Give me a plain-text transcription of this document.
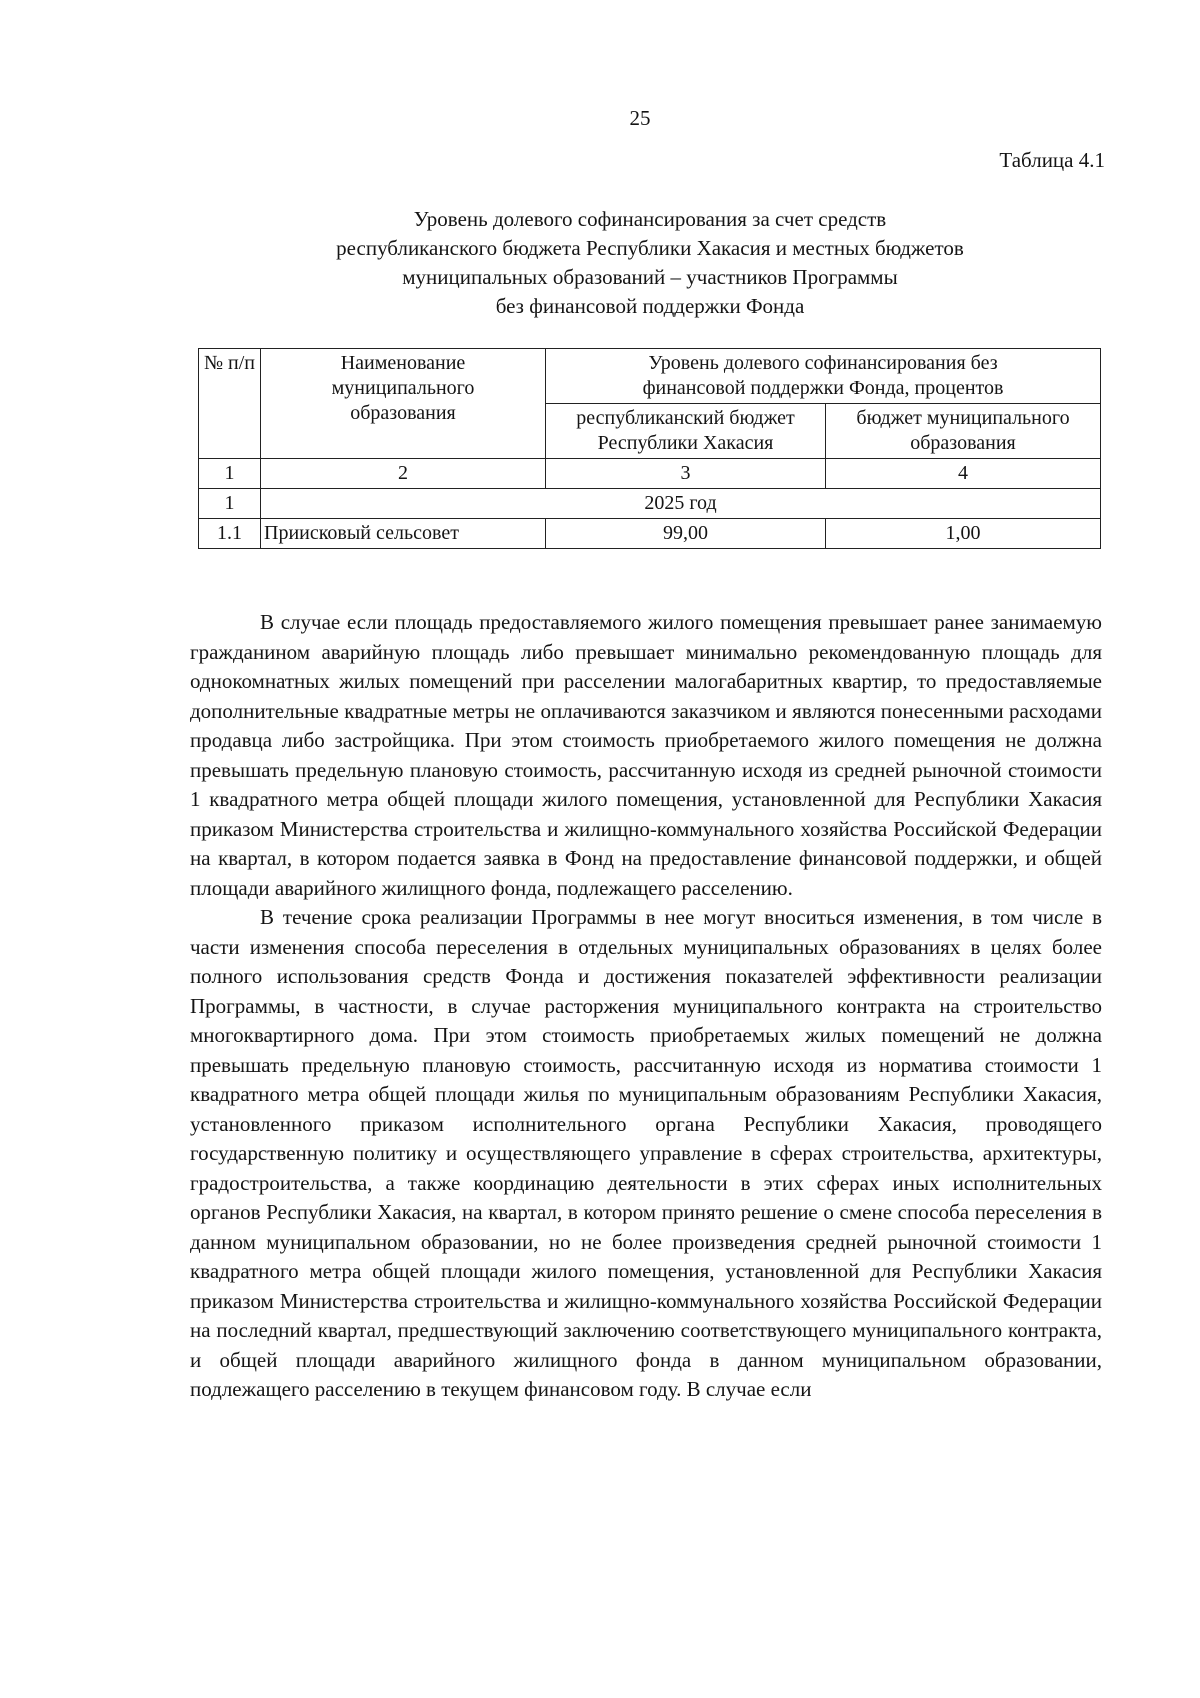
25
Таблица 4.1
Уровень долевого софинансирования за счет средств
республиканского бюджета Республики Хакасия и местных бюджетов
муниципальных образований – участников Программы
без финансовой поддержки Фонда
№ п/п	Наименование муниципального образования	Уровень долевого софинансирования без финансовой поддержки Фонда, процентов	
		республиканский бюджет Республики Хакасия	бюджет муниципального образования
1	2	3	4
1	2025 год		
1.1	Приисковый сельсовет	99,00	1,00

В случае если площадь предоставляемого жилого помещения превышает ранее занимаемую гражданином аварийную площадь либо превышает минимально рекомендованную площадь для однокомнатных жилых помещений при расселении малогабаритных квартир, то предоставляемые дополнительные квадратные метры не оплачиваются заказчиком и являются понесенными расходами продавца либо застройщика. При этом стоимость приобретаемого жилого помещения не должна превышать предельную плановую стоимость, рассчитанную исходя из средней рыночной стоимости 1 квадратного метра общей площади жилого помещения, установленной для Республики Хакасия приказом Министерства строительства и жилищно-коммунального хозяйства Российской Федерации на квартал, в котором подается заявка в Фонд на предоставление финансовой поддержки, и общей площади аварийного жилищного фонда, подлежащего расселению.

В течение срока реализации Программы в нее могут вноситься изменения, в том числе в части изменения способа переселения в отдельных муниципальных образованиях в целях более полного использования средств Фонда и достижения показателей эффективности реализации Программы, в частности, в случае расторжения муниципального контракта на строительство многоквартирного дома. При этом стоимость приобретаемых жилых помещений не должна превышать предельную плановую стоимость, рассчитанную исходя из норматива стоимости 1 квадратного метра общей площади жилья по муниципальным образованиям Республики Хакасия, установленного приказом исполнительного органа Республики Хакасия, проводящего государственную политику и осуществляющего управление в сферах строительства, архитектуры, градостроительства, а также координацию деятельности в этих сферах иных исполнительных органов Республики Хакасия, на квартал, в котором принято решение о смене способа переселения в данном муниципальном образовании, но не более произведения средней рыночной стоимости 1 квадратного метра общей площади жилого помещения, установленной для Республики Хакасия приказом Министерства строительства и жилищно-коммунального хозяйства Российской Федерации на последний квартал, предшествующий заключению соответствующего муниципального контракта, и общей площади аварийного жилищного фонда в данном муниципальном образовании, подлежащего расселению в текущем финансовом году. В случае если
